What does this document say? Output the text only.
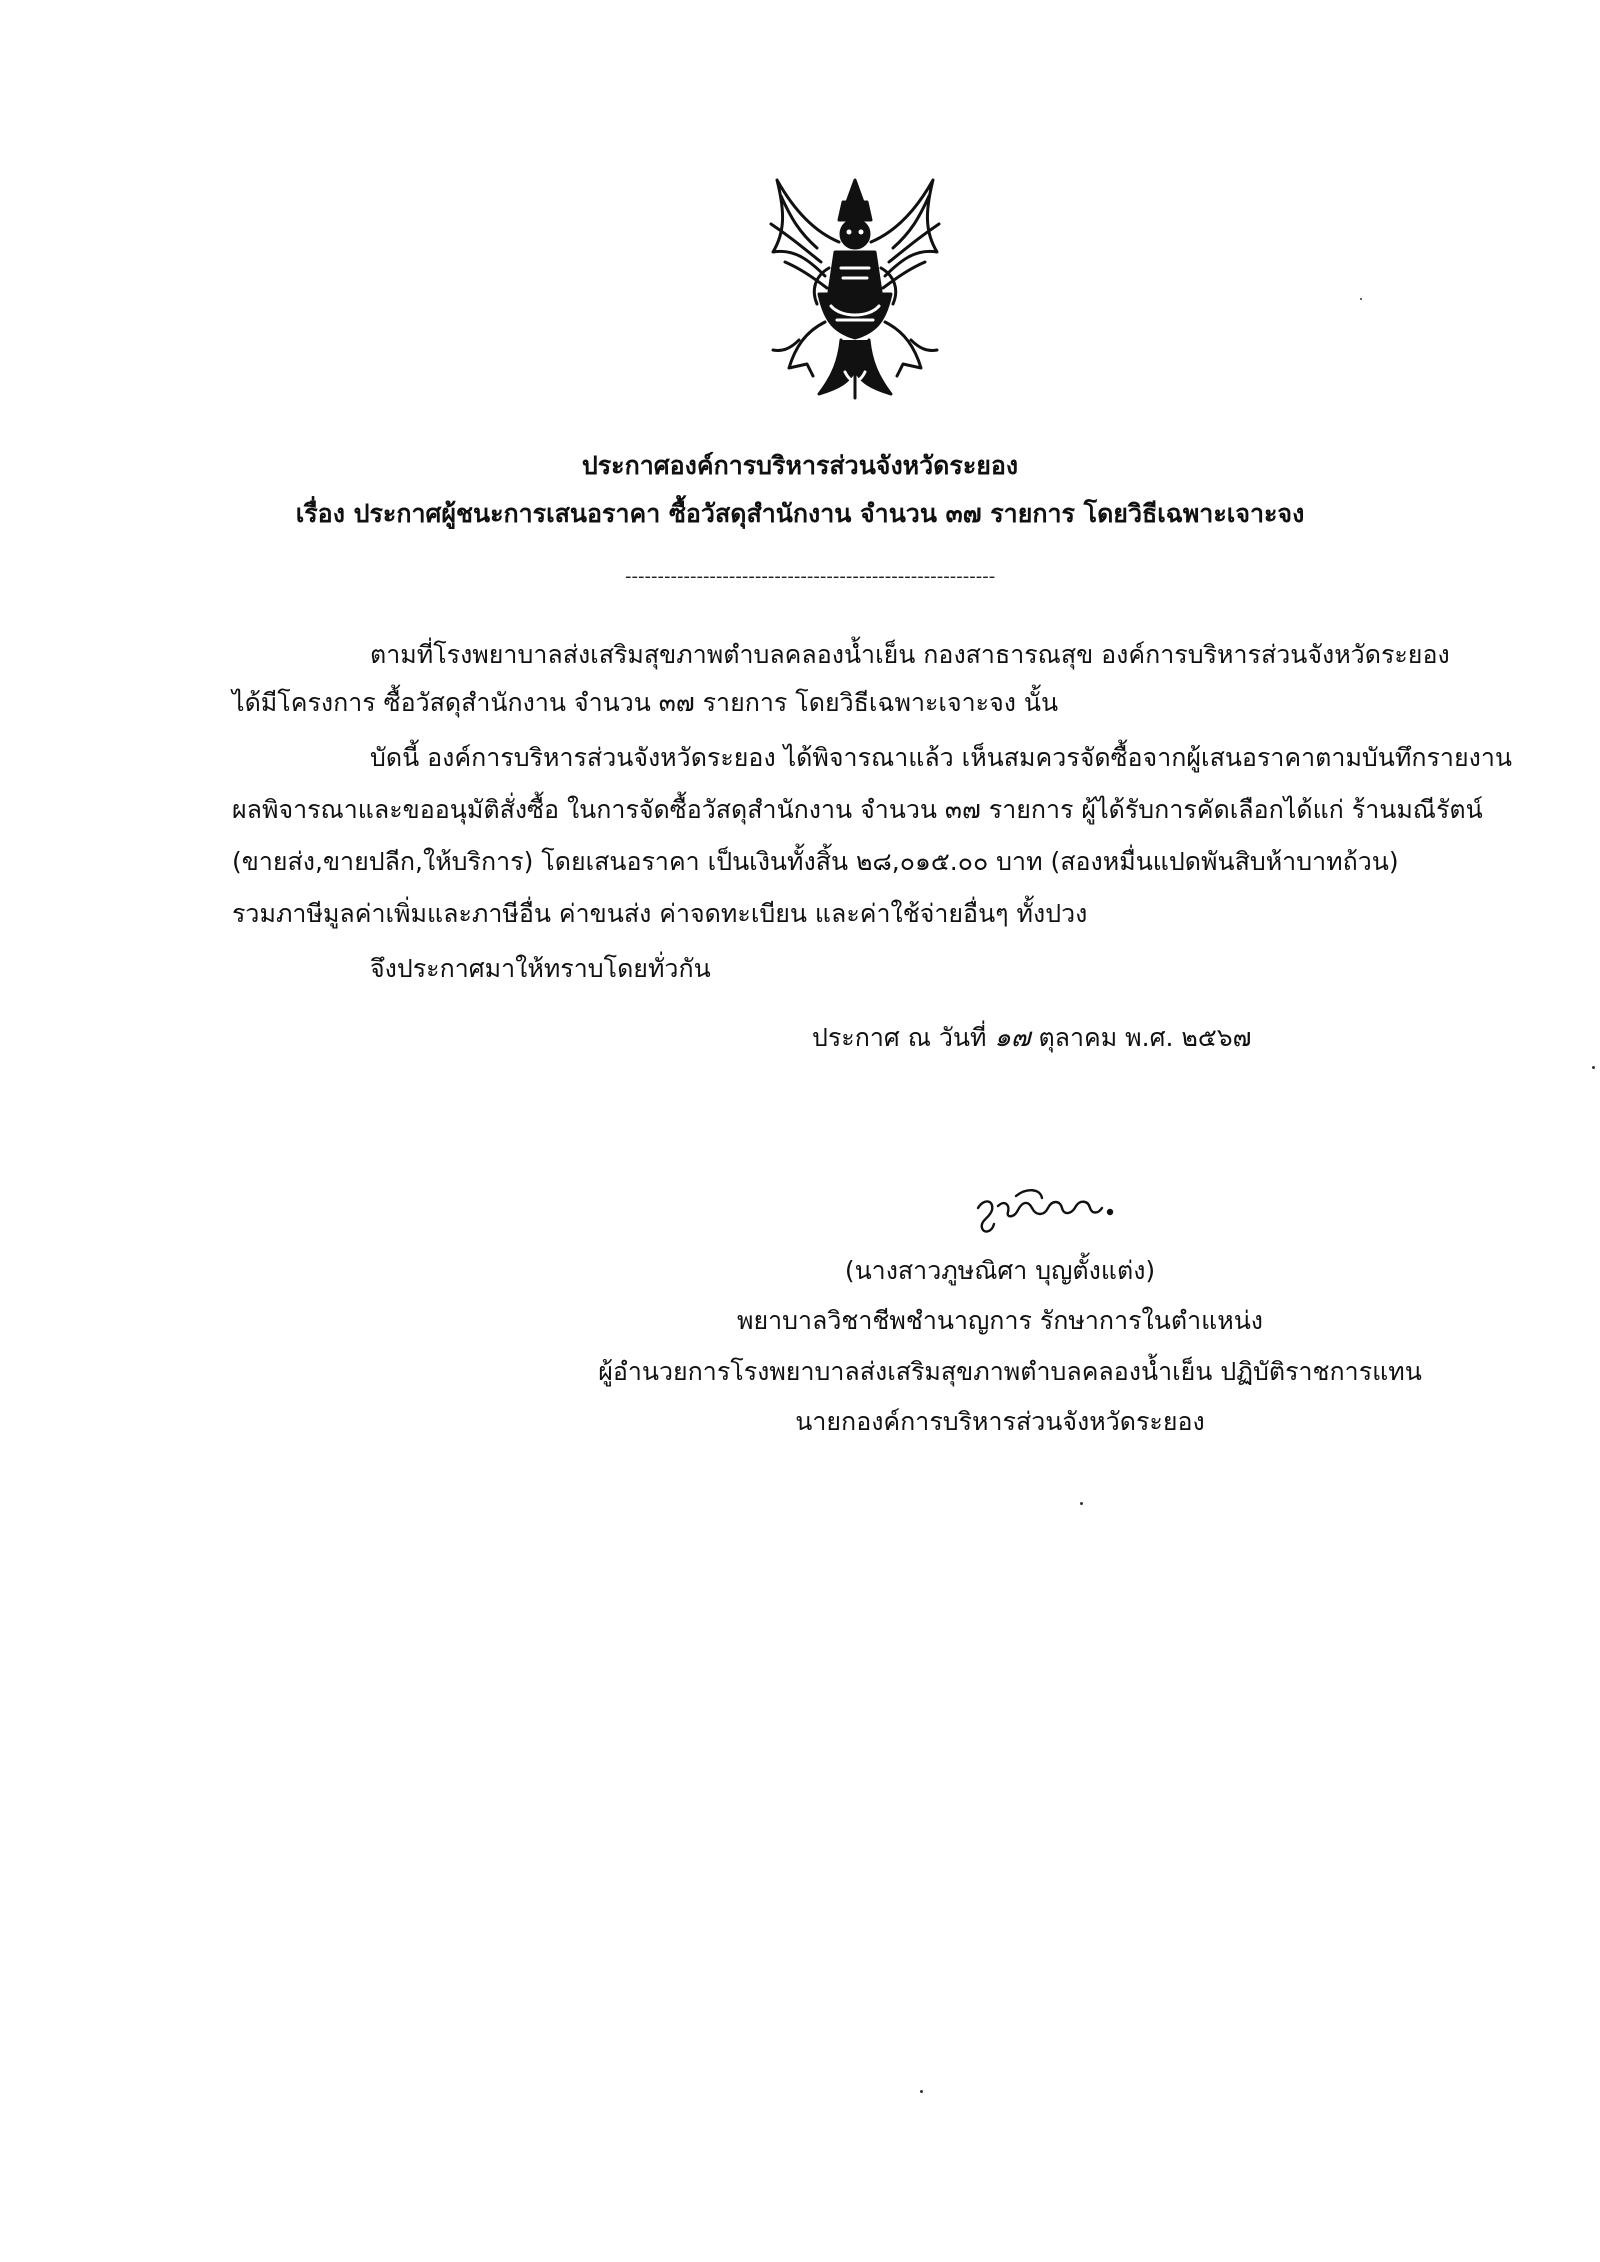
ประกาศองค์การบริหารส่วนจังหวัดระยอง
เรื่อง ประกาศผู้ชนะการเสนอราคา ซื้อวัสดุสำนักงาน จำนวน ๓๗ รายการ โดยวิธีเฉพาะเจาะจง
---------------------------------------------------------
ตามที่โรงพยาบาลส่งเสริมสุขภาพตำบลคลองน้ำเย็น กองสาธารณสุข องค์การบริหารส่วนจังหวัดระยอง
ได้มีโครงการ ซื้อวัสดุสำนักงาน จำนวน ๓๗ รายการ โดยวิธีเฉพาะเจาะจง นั้น
บัดนี้ องค์การบริหารส่วนจังหวัดระยอง ได้พิจารณาแล้ว เห็นสมควรจัดซื้อจากผู้เสนอราคาตามบันทึกรายงาน
ผลพิจารณาและขออนุมัติสั่งซื้อ ในการจัดซื้อวัสดุสำนักงาน จำนวน ๓๗ รายการ ผู้ได้รับการคัดเลือกได้แก่ ร้านมณีรัตน์
(ขายส่ง,ขายปลีก,ให้บริการ) โดยเสนอราคา เป็นเงินทั้งสิ้น ๒๘,๐๑๕.๐๐ บาท (สองหมื่นแปดพันสิบห้าบาทถ้วน)
รวมภาษีมูลค่าเพิ่มและภาษีอื่น ค่าขนส่ง ค่าจดทะเบียน และค่าใช้จ่ายอื่นๆ ทั้งปวง
จึงประกาศมาให้ทราบโดยทั่วกัน
ประกาศ ณ วันที่ ๑๗ ตุลาคม พ.ศ. ๒๕๖๗
(นางสาวภูษณิศา บุญตั้งแต่ง)
พยาบาลวิชาชีพชำนาญการ รักษาการในตำแหน่ง
ผู้อำนวยการโรงพยาบาลส่งเสริมสุขภาพตำบลคลองน้ำเย็น ปฏิบัติราชการแทน
นายกองค์การบริหารส่วนจังหวัดระยอง
